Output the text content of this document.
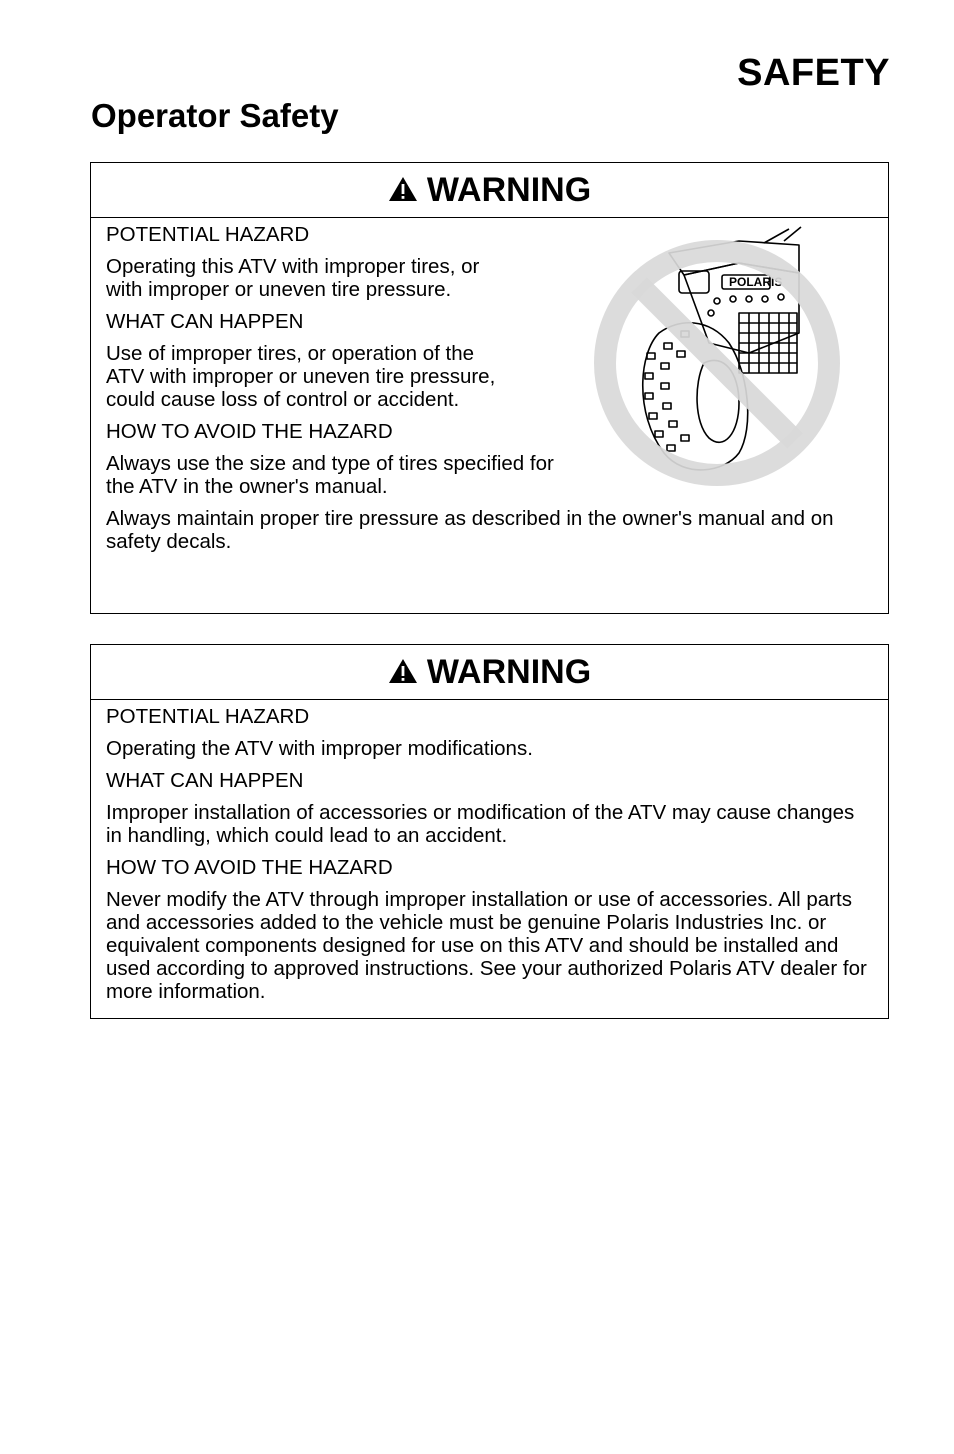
SAFETY
Operator Safety
WARNING

POTENTIAL HAZARD

Operating this ATV with improper tires, or with improper or uneven tire pressure.

WHAT CAN HAPPEN

Use of improper tires, or operation of the ATV with improper or uneven tire pressure, could cause loss of control or accident.

HOW TO AVOID THE HAZARD

Always use the size and type of tires specified for the ATV in the owner's manual.

Always maintain proper tire pressure as described in the owner's manual and on safety decals.

POLARIS
WARNING

POTENTIAL HAZARD

Operating the ATV with improper modifications.

WHAT CAN HAPPEN

Improper installation of accessories or modification of the ATV may cause changes in handling, which could lead to an accident.

HOW TO AVOID THE HAZARD

Never modify the ATV through improper installation or use of accessories. All parts and accessories added to the vehicle must be genuine Polaris Industries Inc. or equivalent components designed for use on this ATV and should be installed and used according to approved instructions. See your authorized Polaris ATV dealer for more information.
